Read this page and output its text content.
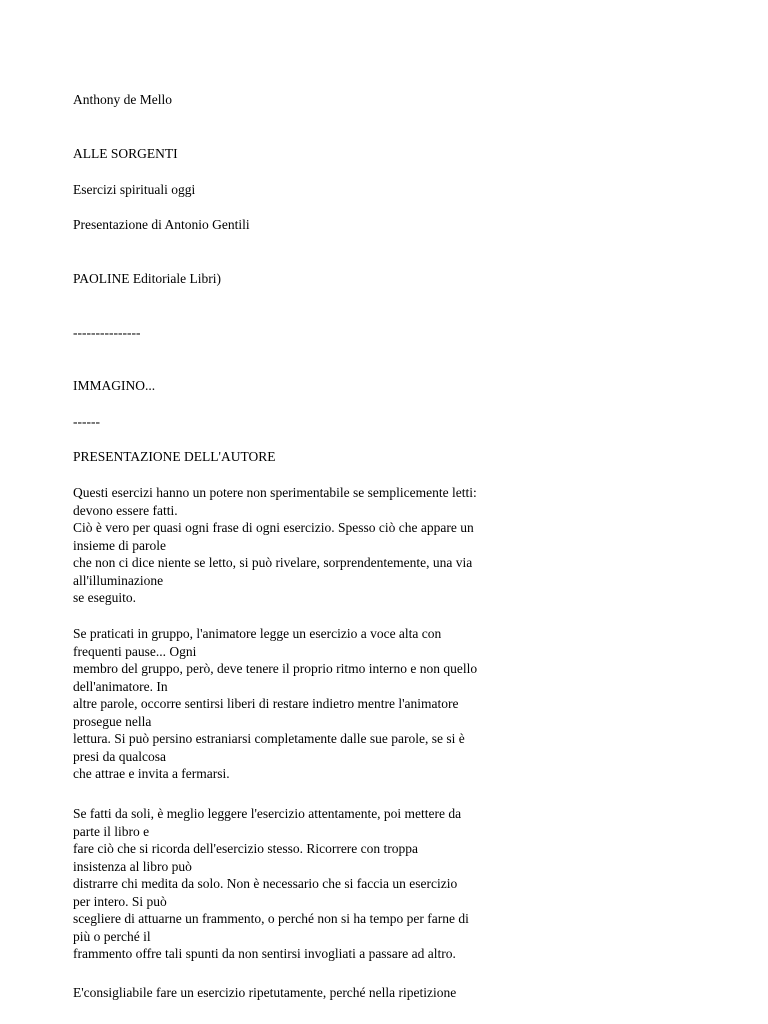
Anthony de Mello

ALLE SORGENTI

Esercizi spirituali oggi

Presentazione di Antonio Gentili

PAOLINE Editoriale Libri)

---------------

IMMAGINO...

------

PRESENTAZIONE DELL'AUTORE

Questi esercizi hanno un potere non sperimentabile se semplicemente letti:
devono essere fatti.
Ciò è vero per quasi ogni frase di ogni esercizio. Spesso ciò che appare un
insieme di parole
che non ci dice niente se letto, si può rivelare, sorprendentemente, una via
all'illuminazione
se eseguito.
Se praticati in gruppo, l'animatore legge un esercizio a voce alta con
frequenti pause... Ogni
membro del gruppo, però, deve tenere il proprio ritmo interno e non quello
dell'animatore. In
altre parole, occorre sentirsi liberi di restare indietro mentre l'animatore
prosegue nella
lettura. Si può persino estraniarsi completamente dalle sue parole, se si è
presi da qualcosa
che attrae e invita a fermarsi.
Se fatti da soli, è meglio leggere l'esercizio attentamente, poi mettere da
parte il libro e
fare ciò che si ricorda dell'esercizio stesso. Ricorrere con troppa
insistenza al libro può
distrarre chi medita da solo. Non è necessario che si faccia un esercizio
per intero. Si può
scegliere di attuarne un frammento, o perché non si ha tempo per farne di
più o perché il
frammento offre tali spunti da non sentirsi invogliati a passare ad altro.
E'consigliabile fare un esercizio ripetutamente, perché nella ripetizione
